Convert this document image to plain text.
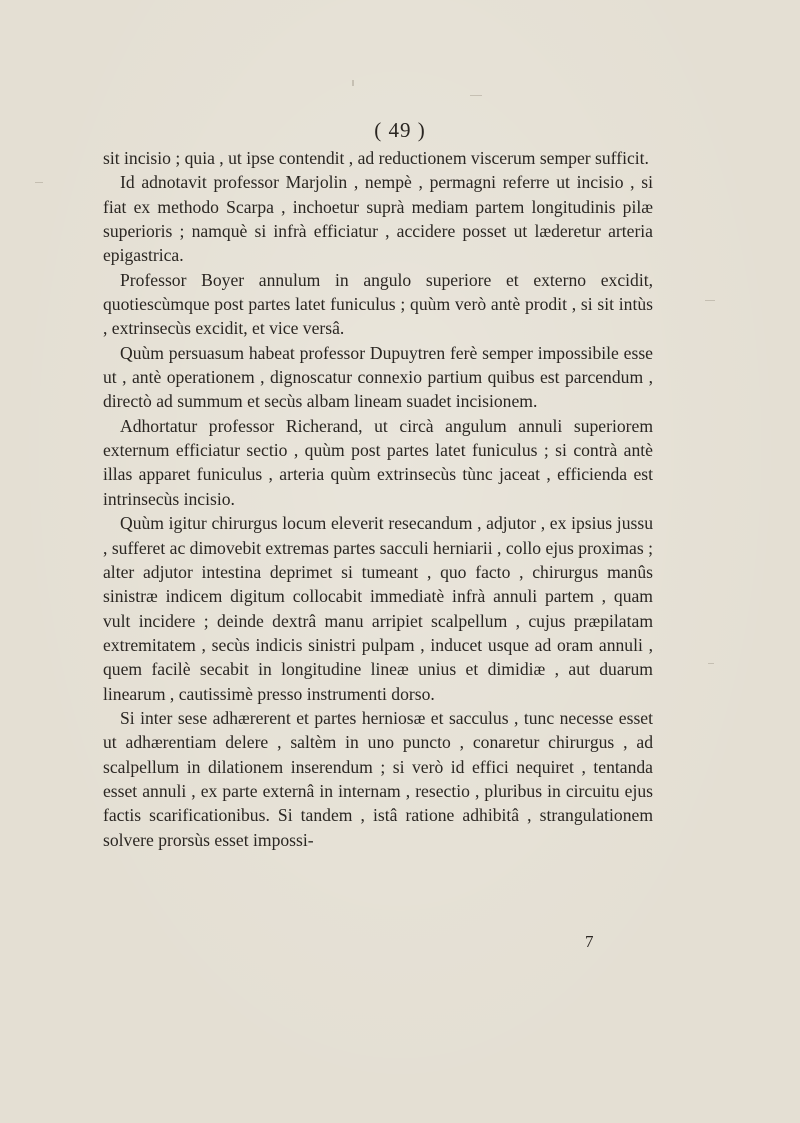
( 49 )

sit incisio ; quia , ut ipse contendit , ad reductionem viscerum semper sufficit.

Id adnotavit professor Marjolin , nempè , permagni referre ut incisio , si fiat ex methodo Scarpa , inchoetur suprà mediam partem longitudinis pilæ superioris ; namquè si infrà efficiatur , accidere posset ut læderetur arteria epigastrica.

Professor Boyer annulum in angulo superiore et externo excidit, quotiescùmque post partes latet funiculus ; quùm verò antè prodit , si sit intùs , extrinsecùs excidit, et vice versâ.

Quùm persuasum habeat professor Dupuytren ferè semper impossibile esse ut , antè operationem , dignoscatur connexio partium quibus est parcendum , directò ad summum et secùs albam lineam suadet incisionem.

Adhortatur professor Richerand, ut circà angulum annuli superiorem externum efficiatur sectio , quùm post partes latet funiculus ; si contrà antè illas apparet funiculus , arteria quùm extrinsecùs tùnc jaceat , efficienda est intrinsecùs incisio.

Quùm igitur chirurgus locum eleverit resecandum , adjutor , ex ipsius jussu , sufferet ac dimovebit extremas partes sacculi herniarii , collo ejus proximas ; alter adjutor intestina deprimet si tumeant , quo facto , chirurgus manûs sinistræ indicem digitum collocabit immediatè infrà annuli partem , quam vult incidere ; deinde dextrâ manu arripiet scalpellum , cujus præpilatam extremitatem , secùs indicis sinistri pulpam , inducet usque ad oram annuli , quem facilè secabit in longitudine lineæ unius et dimidiæ , aut duarum linearum , cautissimè presso instrumenti dorso.

Si inter sese adhærerent et partes herniosæ et sacculus , tunc necesse esset ut adhærentiam delere , saltèm in uno puncto , conaretur chirurgus , ad scalpellum in dilationem inserendum ; si verò id effici nequiret , tentanda esset annuli , ex parte externâ in internam , resectio , pluribus in circuitu ejus factis scarificationibus. Si tandem , istâ ratione adhibitâ , strangulationem solvere prorsùs esset impossi-

7
